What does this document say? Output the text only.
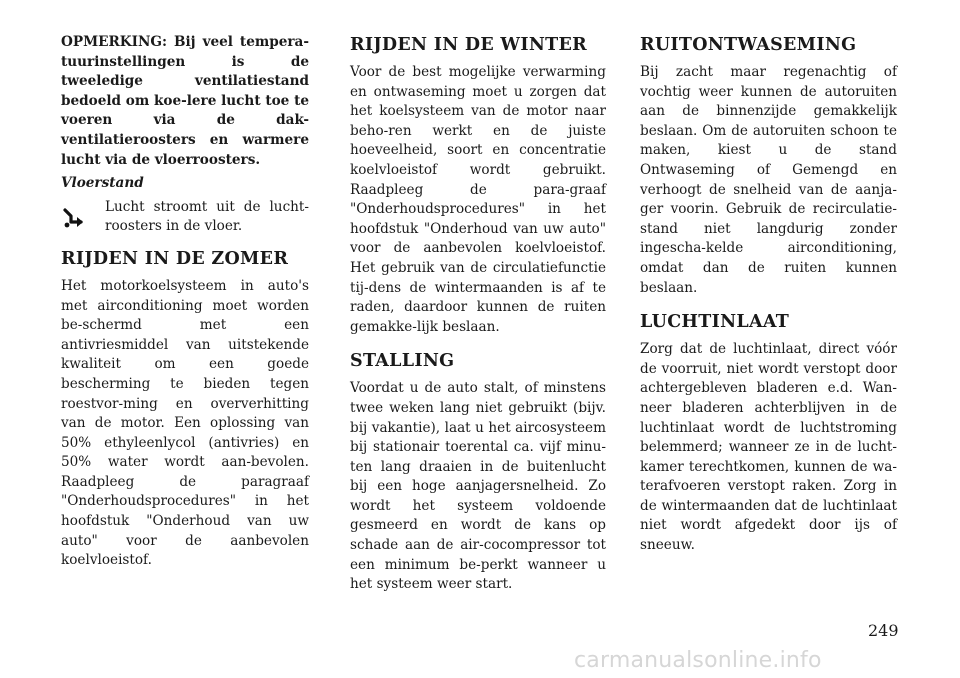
OPMERKING: Bij veel tempera-tuurinstellingen is de tweeledige ventilatiestand bedoeld om koe-lere lucht toe te voeren via de dak-ventilatieroosters en warmere lucht via de vloerroosters.
Vloerstand
Lucht stroomt uit de lucht-roosters in de vloer.
RIJDEN IN DE ZOMER

Het motorkoelsysteem in auto's met airconditioning moet worden be-schermd met een antivriesmiddel van uitstekende kwaliteit om een goede bescherming te bieden tegen roestvor-ming en oververhitting van de motor. Een oplossing van 50% ethyleenlycol (antivries) en 50% water wordt aan-bevolen. Raadpleeg de paragraaf "Onderhoudsprocedures" in het hoofdstuk "Onderhoud van uw auto" voor de aanbevolen koelvloeistof.

RIJDEN IN DE WINTER

Voor de best mogelijke verwarming en ontwaseming moet u zorgen dat het koelsysteem van de motor naar beho-ren werkt en de juiste hoeveelheid, soort en concentratie koelvloeistof wordt gebruikt. Raadpleeg de para-graaf "Onderhoudsprocedures" in het hoofdstuk "Onderhoud van uw auto" voor de aanbevolen koelvloeistof. Het gebruik van de circulatiefunctie tij-dens de wintermaanden is af te raden, daardoor kunnen de ruiten gemakke-lijk beslaan.

STALLING

Voordat u de auto stalt, of minstens twee weken lang niet gebruikt (bijv. bij vakantie), laat u het aircosysteem bij stationair toerental ca. vijf minu-ten lang draaien in de buitenlucht bij een hoge aanjagersnelheid. Zo wordt het systeem voldoende gesmeerd en wordt de kans op schade aan de air-cocompressor tot een minimum be-perkt wanneer u het systeem weer start.

RUITONTWASEMING

Bij zacht maar regenachtig of vochtig weer kunnen de autoruiten aan de binnenzijde gemakkelijk beslaan. Om de autoruiten schoon te maken, kiest u de stand Ontwaseming of Gemengd en verhoogt de snelheid van de aanja-ger voorin. Gebruik de recirculatie-stand niet langdurig zonder ingescha-kelde airconditioning, omdat dan de ruiten kunnen beslaan.

LUCHTINLAAT

Zorg dat de luchtinlaat, direct vóór de voorruit, niet wordt verstopt door achtergebleven bladeren e.d. Wan-neer bladeren achterblijven in de luchtinlaat wordt de luchtstroming belemmerd; wanneer ze in de lucht-kamer terechtkomen, kunnen de wa-terafvoeren verstopt raken. Zorg in de wintermaanden dat de luchtinlaat niet wordt afgedekt door ijs of sneeuw.

249
carmanualsonline.info
